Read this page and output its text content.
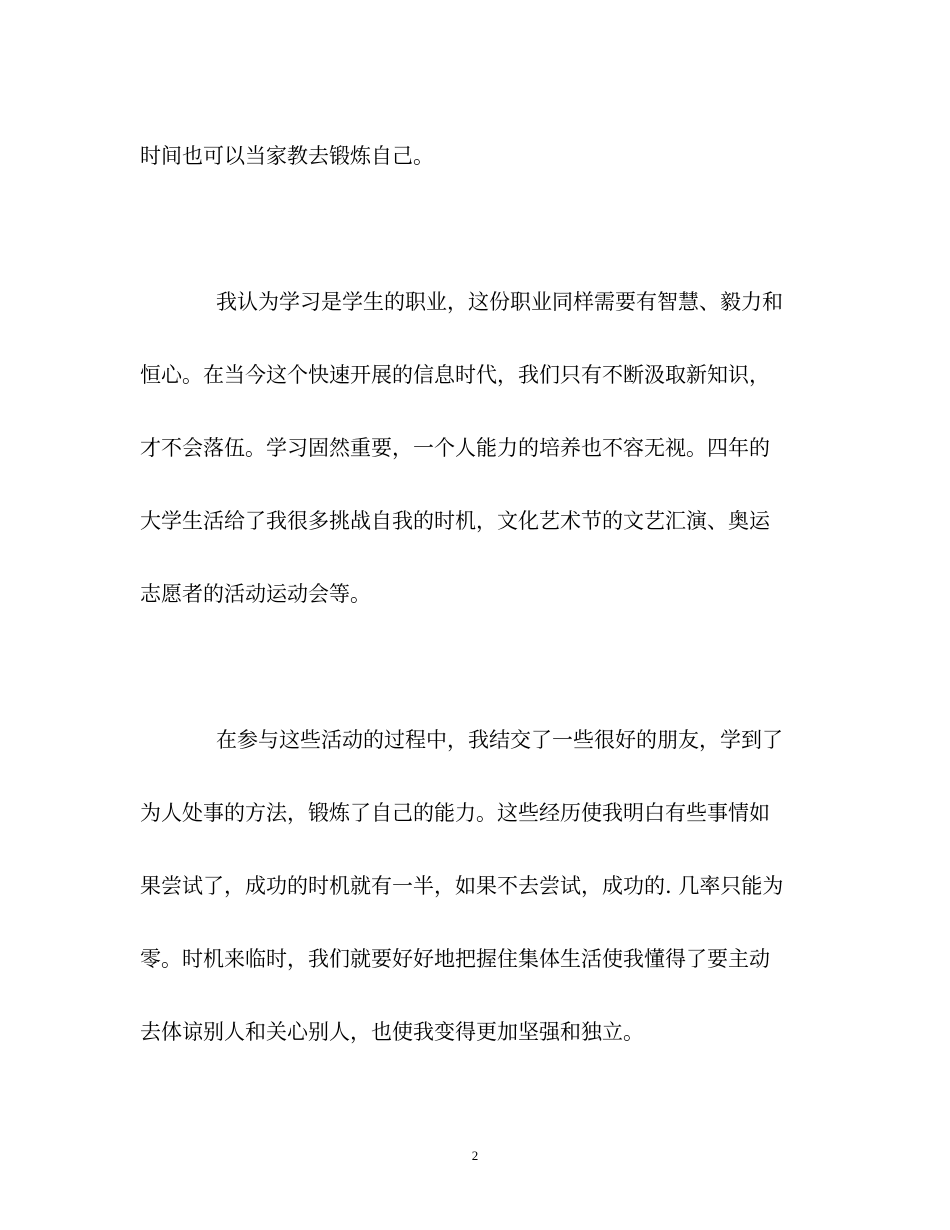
时间也可以当家教去锻炼自己。
我认为学习是学生的职业，这份职业同样需要有智慧、毅力和
恒心。在当今这个快速开展的信息时代，我们只有不断汲取新知识，
才不会落伍。学习固然重要，一个人能力的培养也不容无视。四年的
大学生活给了我很多挑战自我的时机，文化艺术节的文艺汇演、奥运
志愿者的活动运动会等。
在参与这些活动的过程中，我结交了一些很好的朋友，学到了
为人处事的方法，锻炼了自己的能力。这些经历使我明白有些事情如
果尝试了，成功的时机就有一半，如果不去尝试，成功的. 几率只能为
零。时机来临时，我们就要好好地把握住集体生活使我懂得了要主动
去体谅别人和关心别人，也使我变得更加坚强和独立。
2
